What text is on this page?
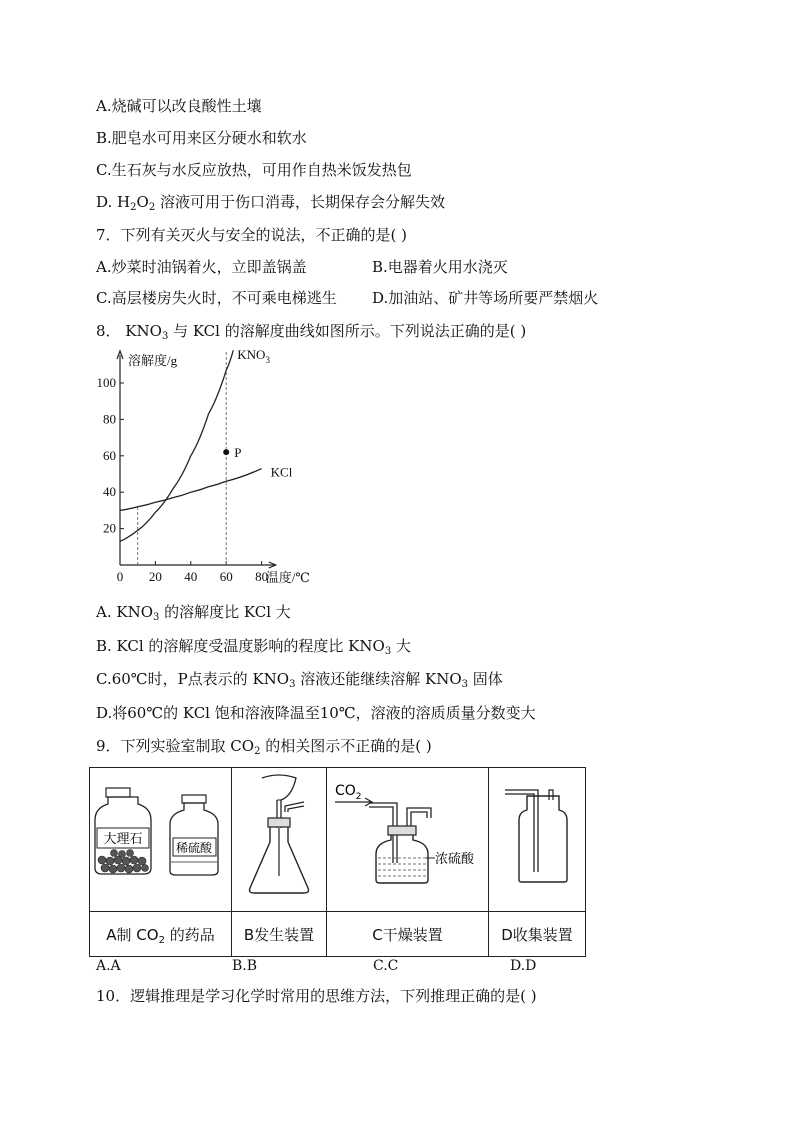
A.烧碱可以改良酸性土壤
B.肥皂水可用来区分硬水和软水
C.生石灰与水反应放热，可用作自热米饭发热包
D. $H_2O_2$ 溶液可用于伤口消毒，长期保存会分解失效
7．下列有关灭火与安全的说法，不正确的是( )
A.炒菜时油锅着火，立即盖锅盖	B.电器着火用水浇灭
C.高层楼房失火时，不可乘电梯逃生 D.加油站、矿井等场所要严禁烟火
8． $KNO_3$ 与 KCl 的溶解度曲线如图所示。下列说法正确的是( )
0 20 40 60 80
20
40
60
80
100
溶解度/g
温度/℃
$KNO_3$
KCl
P
A. $KNO_3$ 的溶解度比 KCl 大
B. KCl 的溶解度受温度影响的程度比 $KNO_3$ 大
C.60℃时，P点表示的 $KNO_3$ 溶液还能继续溶解 $KNO_3$ 固体
D.将60℃的 KCl 饱和溶液降温至10℃，溶液的溶质质量分数变大
9．下列实验室制取 $CO_2$ 的相关图示不正确的是( )
大理石
稀硫酸		$CO_2$
浓硫酸

A制 $CO_2$ 的药品	B发生装置	C干燥装置	D收集装置
A.A	B.B	C.C	D.D
10．逻辑推理是学习化学时常用的思维方法，下列推理正确的是( )
